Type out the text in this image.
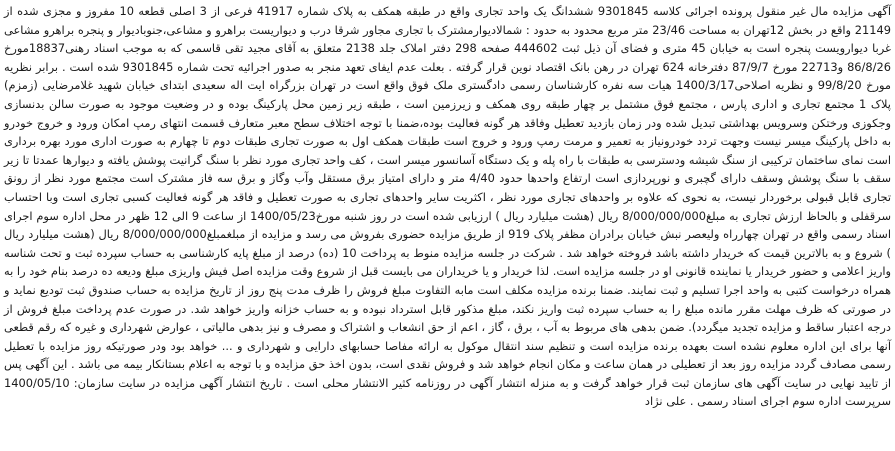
آگهی مزایده مال غیر منقول پرونده اجرائی کلاسه 9301845 ششدانگ یک واحد تجاری واقع در طبقه همکف به پلاک شماره 41917 فرعی از 3 اصلی قطعه 10 مفروز و مجزی شده از 21149 واقع در بخش 12تهران به مساحت 23/46 متر مربع محدود به حدود : شمالادیوارمشترک با تجاری مجاور شرقا درب و دیواریست براهرو و مشاعی،جنوبادیوار و پنجره براهرو مشاعی غربا دیوارویست پنجره است به خیابان 45 متری و فضای آن ذیل ثبت 444602 صفحه 298 دفتر املاک جلد 2138 متعلق به آقای مجید تقی قاسمی که به موجب اسناد رهنی18837مورخ 86/8/26 و22713 مورخ 87/9/7 دفترخانه 624 تهران در رهن بانک اقتصاد نوین قرار گرفته . بعلت عدم ایفای تعهد منجر به صدور اجرائیه تحت شماره 9301845 شده است . برابر نظریه مورخ 99/8/20 و نظریه اصلاحی1400/3/17 هیات سه نفره کارشناسان رسمی دادگستری ملک فوق واقع است در تهران بزرگراه ایت اله سعیدی ابتدای خیابان شهید غلامرضایی (زمزم) پلاک 1 مجتمع تجاری و اداری پارس ، مجتمع فوق مشتمل بر چهار طبقه روی همکف و زیرزمین است ، طبقه زیر زمین محل پارکینگ بوده و در وضعیت موجود به صورت سالن بدنسازی وجکوزی ورختکن وسرویس بهداشتی تبدیل شده ودر زمان بازدید تعطیل وفاقد هر گونه فعالیت بوده،ضمنا با توجه اختلاف سطح معبر متعارف قسمت انتهای رمپ امکان ورود و خروج خودرو به داخل پارکینگ میسر نیست وجهت تردد خودرونیاز به تعمیر و مرمت رمپ ورود و خروج است طبقات همکف اول به صورت تجاری طبقات دوم تا چهارم به صورت اداری مورد بهره برداری است نمای ساختمان ترکیبی از سنگ شیشه ودسترسی به طبقات با راه پله و یک دستگاه آسانسور میسر است ، کف واحد تجاری مورد نظر با سنگ گرانیت پوشش یافته و دیوارها عمدتا تا زیر سقف با سنگ پوشش وسقف دارای گچبری و نورپردازی است ارتفاع واحدها حدود 4/40 متر و دارای امتیاز برق مستقل وآب وگاز و برق سه فاز مشترک است مجتمع مورد نظر از رونق تجاری قابل قبولی برخوردار نیست، به نحوی که علاوه بر واحدهای تجاری مورد نظر ، اکثریت سایر واحدهای تجاری به صورت تعطیل و فاقد هر گونه فعالیت کسبی تجاری است وبا احتساب سرقفلی و بالحاظ ارزش تجاری به مبلغ8/000/000/000 ریال (هشت میلیارد ریال ) ارزیابی شده است در روز شنبه مورخ1400/05/23 از ساعت 9 الی 12 ظهر در محل اداره سوم اجرای اسناد رسمی واقع در تهران چهارراه ولیعصر نبش خیابان برادران مظفر پلاک 919 از طریق مزایده حضوری بفروش می رسد و مزایده از مبلغمبلغ8/000/000/000 ریال (هشت میلیارد ریال ) شروع و به بالاترین قیمت که خریدار داشته باشد فروخته خواهد شد . شرکت در جلسه مزایده منوط به پرداخت 10 (ده) درصد از مبلغ پایه کارشناسی به حساب سپرده ثبت و تحت شناسه واریز اعلامی و حضور خریدار یا نماینده قانونی او در جلسه مزایده است. لذا خریدار و یا خریداران می بایست قبل از شروع وقت مزایده اصل فیش واریزی مبلغ ودیعه ده درصد بنام خود را به همراه درخواست کتبی به واحد اجرا تسلیم و ثبت نمایند. ضمنا برنده مزایده مکلف است مابه التفاوت مبلغ فروش را ظرف مدت پنج روز از تاریخ مزایده به حساب صندوق ثبت تودیع نماید و در صورتی که ظرف مهلت مقرر مانده مبلغ را به حساب سپرده ثبت واریز نکند، مبلغ مذکور قابل استرداد نبوده و به حساب خزانه واریز خواهد شد. در صورت عدم پرداخت مبلغ فروش از درجه اعتبار ساقط و مزایده تجدید میگردد). ضمن بدهی های مربوط به آب ، برق ، گاز ، اعم از حق انشعاب و اشتراک و مصرف و نیز بدهی مالیاتی ، عوارض شهرداری و غیره که رقم قطعی آنها برای این اداره معلوم نشده است بعهده برنده مزایده است و تنظیم سند انتقال موکول به ارائه مفاصا حسابهای دارایی و شهرداری و ... خواهد بود ودر صورتیکه روز مزایده با تعطیل رسمی مصادف گردد مزایده روز بعد از تعطیلی در همان ساعت و مکان انجام خواهد شد و فروش نقدی است، بدون اخذ حق مزایده و با توجه به اعلام بستانکار بیمه می باشد . این آگهی پس از تایید نهایی در سایت آگهی های سازمان ثبت قرار خواهد گرفت و به منزله انتشار آگهی در روزنامه کثیر الانتشار محلی است . تاریخ انتشار آگهی مزایده در سایت سازمان: 1400/05/10 سرپرست اداره سوم اجرای اسناد رسمی . علی نژاد
